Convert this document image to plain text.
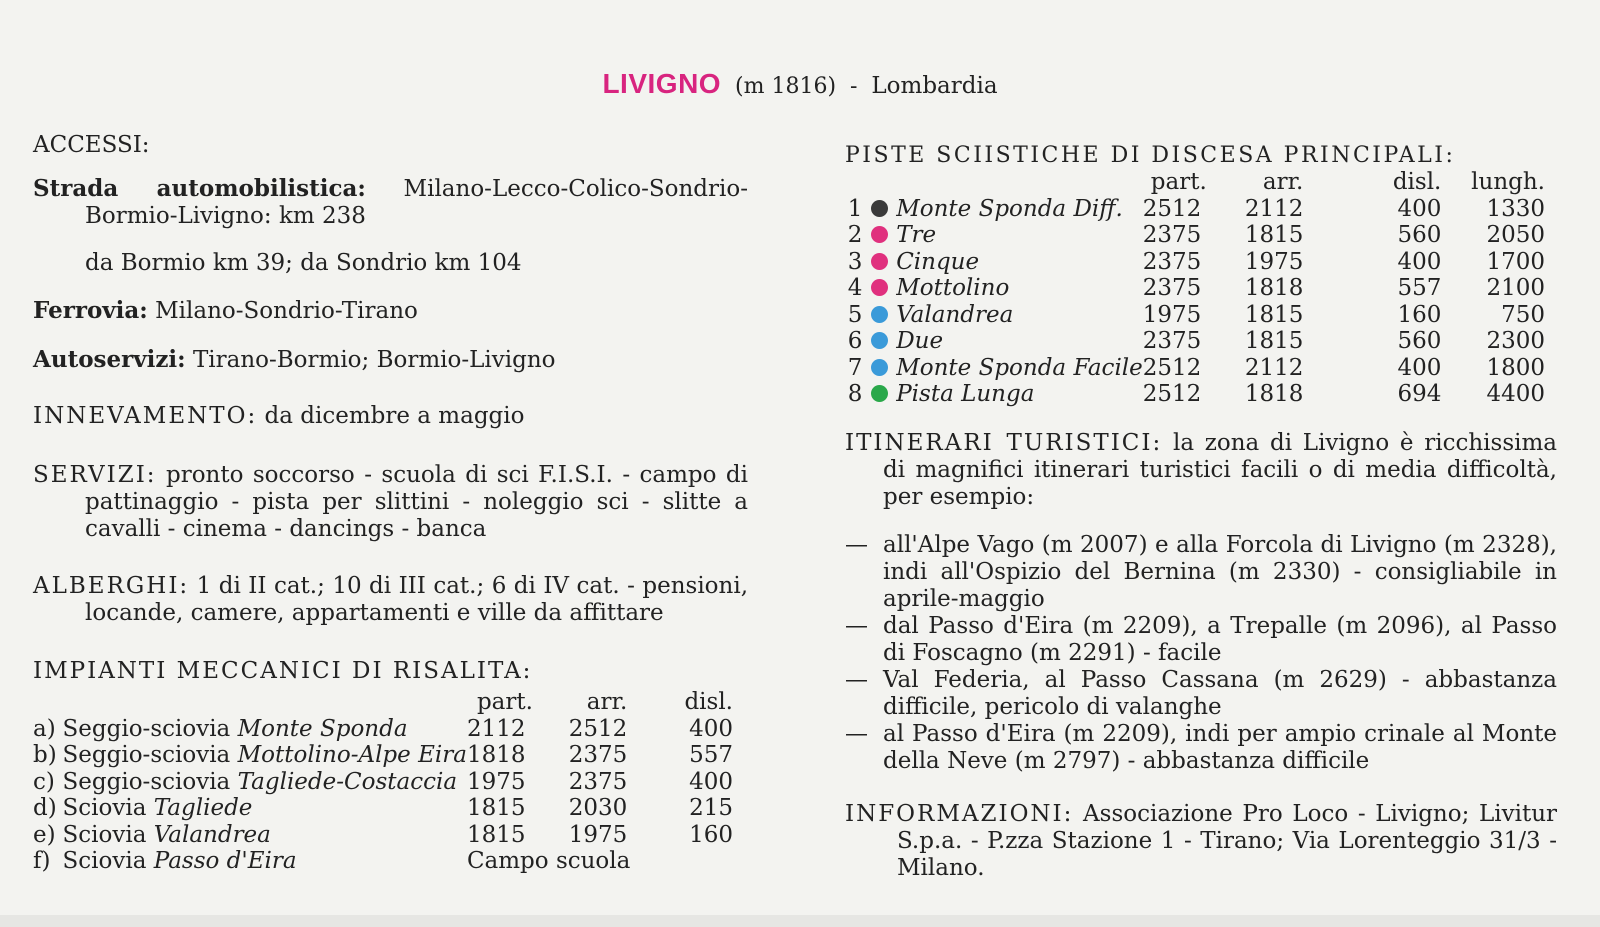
LIVIGNO (m 1816) - Lombardia
ACCESSI:
Strada automobilistica: Milano-Lecco-Colico-Sondrio-Bormio-Livigno: km 238
da Bormio km 39; da Sondrio km 104
Ferrovia: Milano-Sondrio-Tirano
Autoservizi: Tirano-Bormio; Bormio-Livigno
INNEVAMENTO: da dicembre a maggio
SERVIZI: pronto soccorso - scuola di sci F.I.S.I. - campo di pattinaggio - pista per slittini - noleggio sci - slitte a cavalli - cinema - dancings - banca
ALBERGHI: 1 di II cat.; 10 di III cat.; 6 di IV cat. - pensioni, locande, camere, appartamenti e ville da affittare
IMPIANTI MECCANICI DI RISALITA:
		part.	arr.	disl.
a)	Seggio-sciovia Monte Sponda	2112	2512	400
b)	Seggio-sciovia Mottolino-Alpe Eira	1818	2375	557
c)	Seggio-sciovia Tagliede-Costaccia	1975	2375	400
d)	Sciovia Tagliede	1815	2030	215
e)	Sciovia Valandrea	1815	1975	160
f)	Sciovia Passo d'Eira	Campo scuola		
PISTE SCIISTICHE DI DISCESA PRINCIPALI:
		part.	arr.	disl.	lungh.
1	Monte Sponda Diff.	2512	2112	400	1330
2	Tre	2375	1815	560	2050
3	Cinque	2375	1975	400	1700
4	Mottolino	2375	1818	557	2100
5	Valandrea	1975	1815	160	750
6	Due	2375	1815	560	2300
7	Monte Sponda Facile	2512	2112	400	1800
8	Pista Lunga	2512	1818	694	4400
ITINERARI TURISTICI: la zona di Livigno è ricchissima di magnifici itinerari turistici facili o di media difficoltà, per esempio:
— all'Alpe Vago (m 2007) e alla Forcola di Livigno (m 2328), indi all'Ospizio del Bernina (m 2330) - consigliabile in aprile-maggio
— dal Passo d'Eira (m 2209), a Trepalle (m 2096), al Passo di Foscagno (m 2291) - facile
— Val Federia, al Passo Cassana (m 2629) - abbastanza difficile, pericolo di valanghe
— al Passo d'Eira (m 2209), indi per ampio crinale al Monte della Neve (m 2797) - abbastanza difficile
INFORMAZIONI: Associazione Pro Loco - Livigno; Livitur S.p.a. - P.zza Stazione 1 - Tirano; Via Lorenteggio 31/3 - Milano.
